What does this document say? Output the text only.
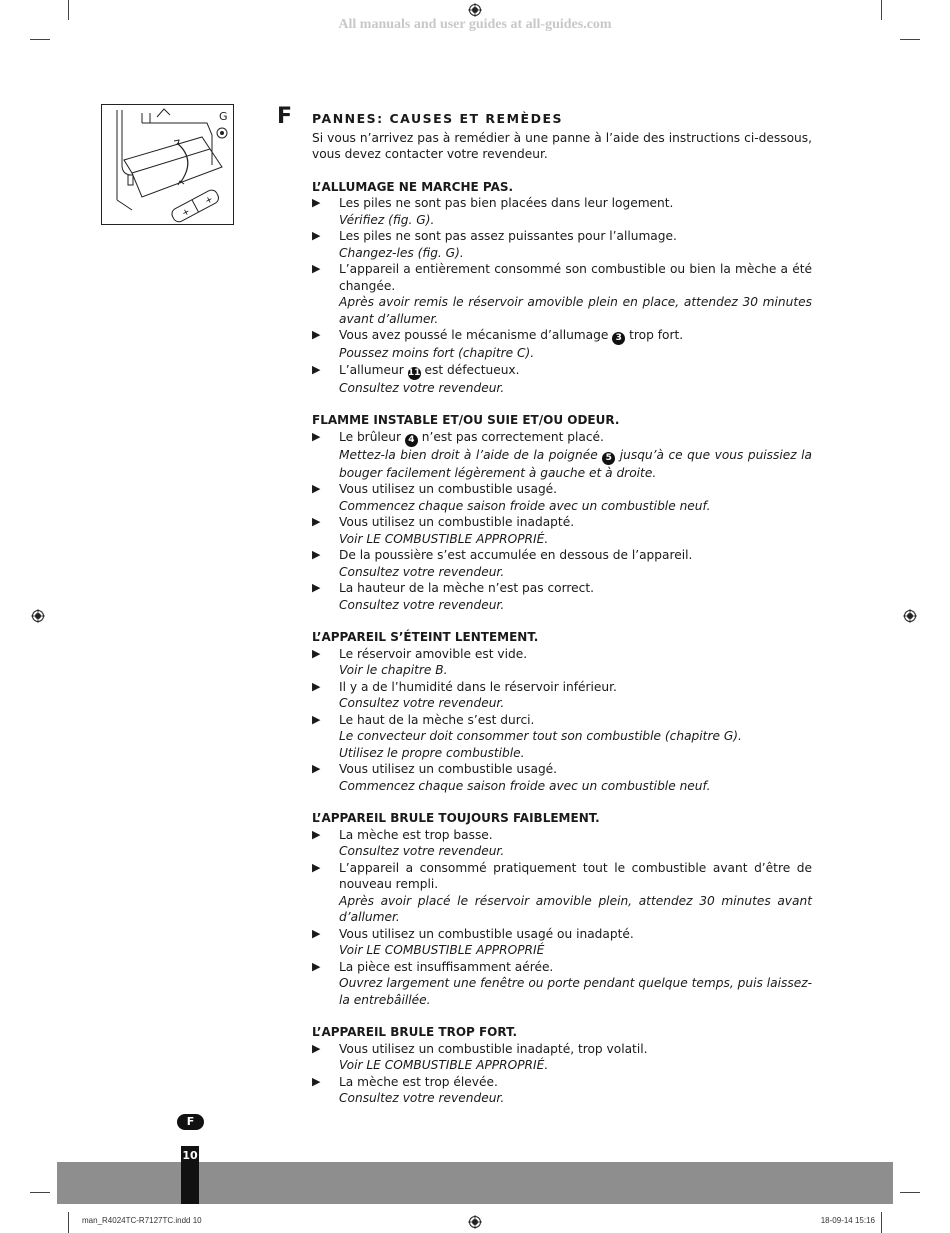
All manuals and user guides at all-guides.com
+
+
G F PANNES: CAUSES ET REMÈDES

Si vous n’arrivez pas à remédier à une panne à l’aide des instructions ci-dessous, vous devez contacter votre revendeur.

L’ALLUMAGE NE MARCHE PAS.

▶ Les piles ne sont pas bien placées dans leur logement.
Vérifiez (fig. G).
▶ Les piles ne sont pas assez puissantes pour l’allumage.
Changez-les (fig. G).
▶ L’appareil a entièrement consommé son combustible ou bien la mèche a été changée.
Après avoir remis le réservoir amovible plein en place, attendez 30 minutes avant d’allumer.
▶ Vous avez poussé le mécanisme d’allumage 3 trop fort.
Poussez moins fort (chapitre C).
▶ L’allumeur 11 est défectueux.
Consultez votre revendeur.

FLAMME INSTABLE ET/OU SUIE ET/OU ODEUR.

▶ Le brûleur 4 n’est pas correctement placé.
Mettez-la bien droit à l’aide de la poignée 5 jusqu’à ce que vous puissiez la bouger facilement légèrement à gauche et à droite.
▶ Vous utilisez un combustible usagé.
Commencez chaque saison froide avec un combustible neuf.
▶ Vous utilisez un combustible inadapté.
Voir LE COMBUSTIBLE APPROPRIÉ.
▶ De la poussière s’est accumulée en dessous de l’appareil.
Consultez votre revendeur.
▶ La hauteur de la mèche n’est pas correct.
Consultez votre revendeur.

L’APPAREIL S’ÉTEINT LENTEMENT.

▶ Le réservoir amovible est vide.
Voir le chapitre B.
▶ Il y a de l’humidité dans le réservoir inférieur.
Consultez votre revendeur.
▶ Le haut de la mèche s’est durci.
Le convecteur doit consommer tout son combustible (chapitre G).
Utilisez le propre combustible.
▶ Vous utilisez un combustible usagé.
Commencez chaque saison froide avec un combustible neuf.

L’APPAREIL BRULE TOUJOURS FAIBLEMENT.

▶ La mèche est trop basse.
Consultez votre revendeur.
▶ L’appareil a consommé pratiquement tout le combustible avant d’être de nouveau rempli.
Après avoir placé le réservoir amovible plein, attendez 30 minutes avant d’allumer.
▶ Vous utilisez un combustible usagé ou inadapté.
Voir LE COMBUSTIBLE APPROPRIÉ
▶ La pièce est insuffisamment aérée.
Ouvrez largement une fenêtre ou porte pendant quelque temps, puis laissez-la entrebâillée.

L’APPAREIL BRULE TROP FORT.

▶ Vous utilisez un combustible inadapté, trop volatil.
Voir LE COMBUSTIBLE APPROPRIÉ.
▶ La mèche est trop élevée.
Consultez votre revendeur.
F
10
man_R4024TC-R7127TC.indd 10	18-09-14 15:16
